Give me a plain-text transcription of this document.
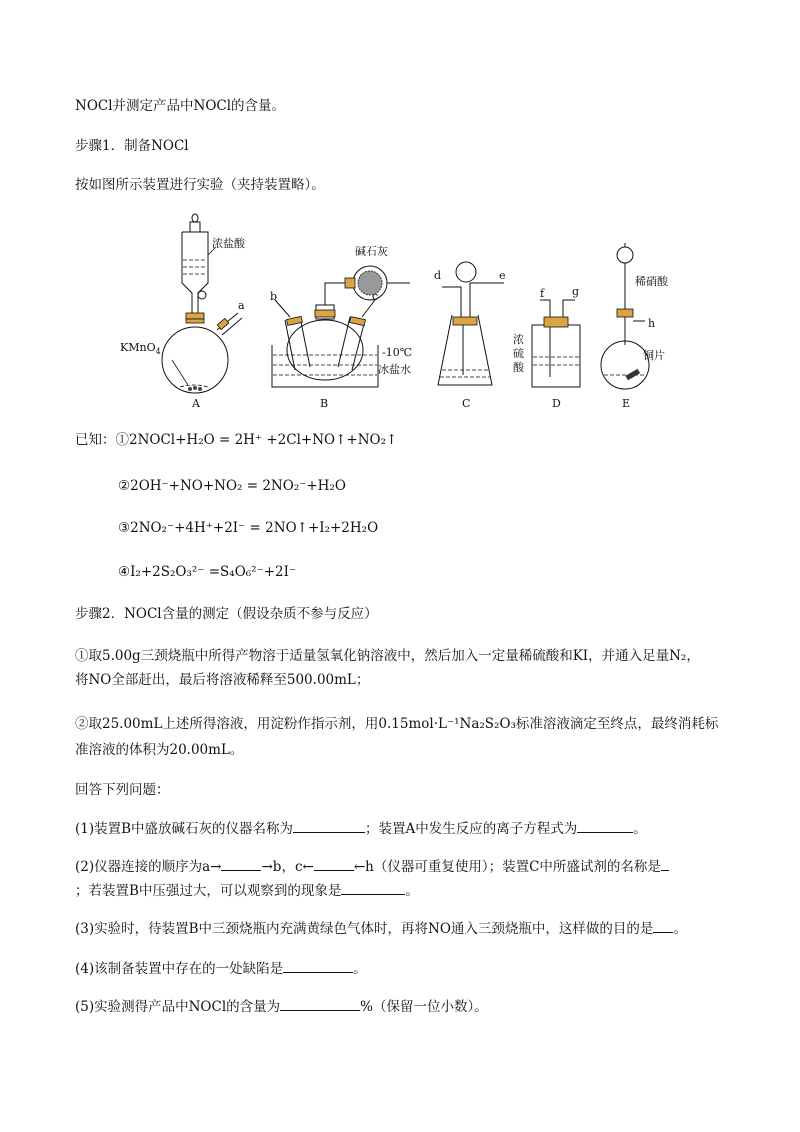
NOCl并测定产品中NOCl的含量。
步骤1．制备NOCl
按如图所示装置进行实验（夹持装置略）。
浓盐酸
KMnO$_4$
a
A
碱石灰
b	c
-10℃
冰盐水
B
d	e
C
f	g
浓
硫
酸
D
稀硝酸
h
铜片
E
已知：①2NOCl+H₂O = 2H⁺ +2Cl+NO↑+NO₂↑
②2OH⁻+NO+NO₂ = 2NO₂⁻+H₂O
③2NO₂⁻+4H⁺+2I⁻ = 2NO↑+I₂+2H₂O
④I₂+2S₂O₃²⁻ =S₄O₆²⁻+2I⁻
步骤2．NOCl含量的测定（假设杂质不参与反应）
①取5.00g三颈烧瓶中所得产物溶于适量氢氧化钠溶液中，然后加入一定量稀硫酸和KI，并通入足量N₂，
将NO全部赶出，最后将溶液稀释至500.00mL；
②取25.00mL上述所得溶液，用淀粉作指示剂，用0.15mol·L⁻¹Na₂S₂O₃标准溶液滴定至终点，最终消耗标
准溶液的体积为20.00mL。
回答下列问题：
(1)装置B中盛放碱石灰的仪器名称为	；装置A中发生反应的离子方程式为	。
(2)仪器连接的顺序为a→	→b，c←	←h（仪器可重复使用）；装置C中所盛试剂的名称是
；若装置B中压强过大，可以观察到的现象是	。
(3)实验时，待装置B中三颈烧瓶内充满黄绿色气体时，再将NO通入三颈烧瓶中，这样做的目的是 。
(4)该制备装置中存在的一处缺陷是	。
(5)实验测得产品中NOCl的含量为	%（保留一位小数）。
